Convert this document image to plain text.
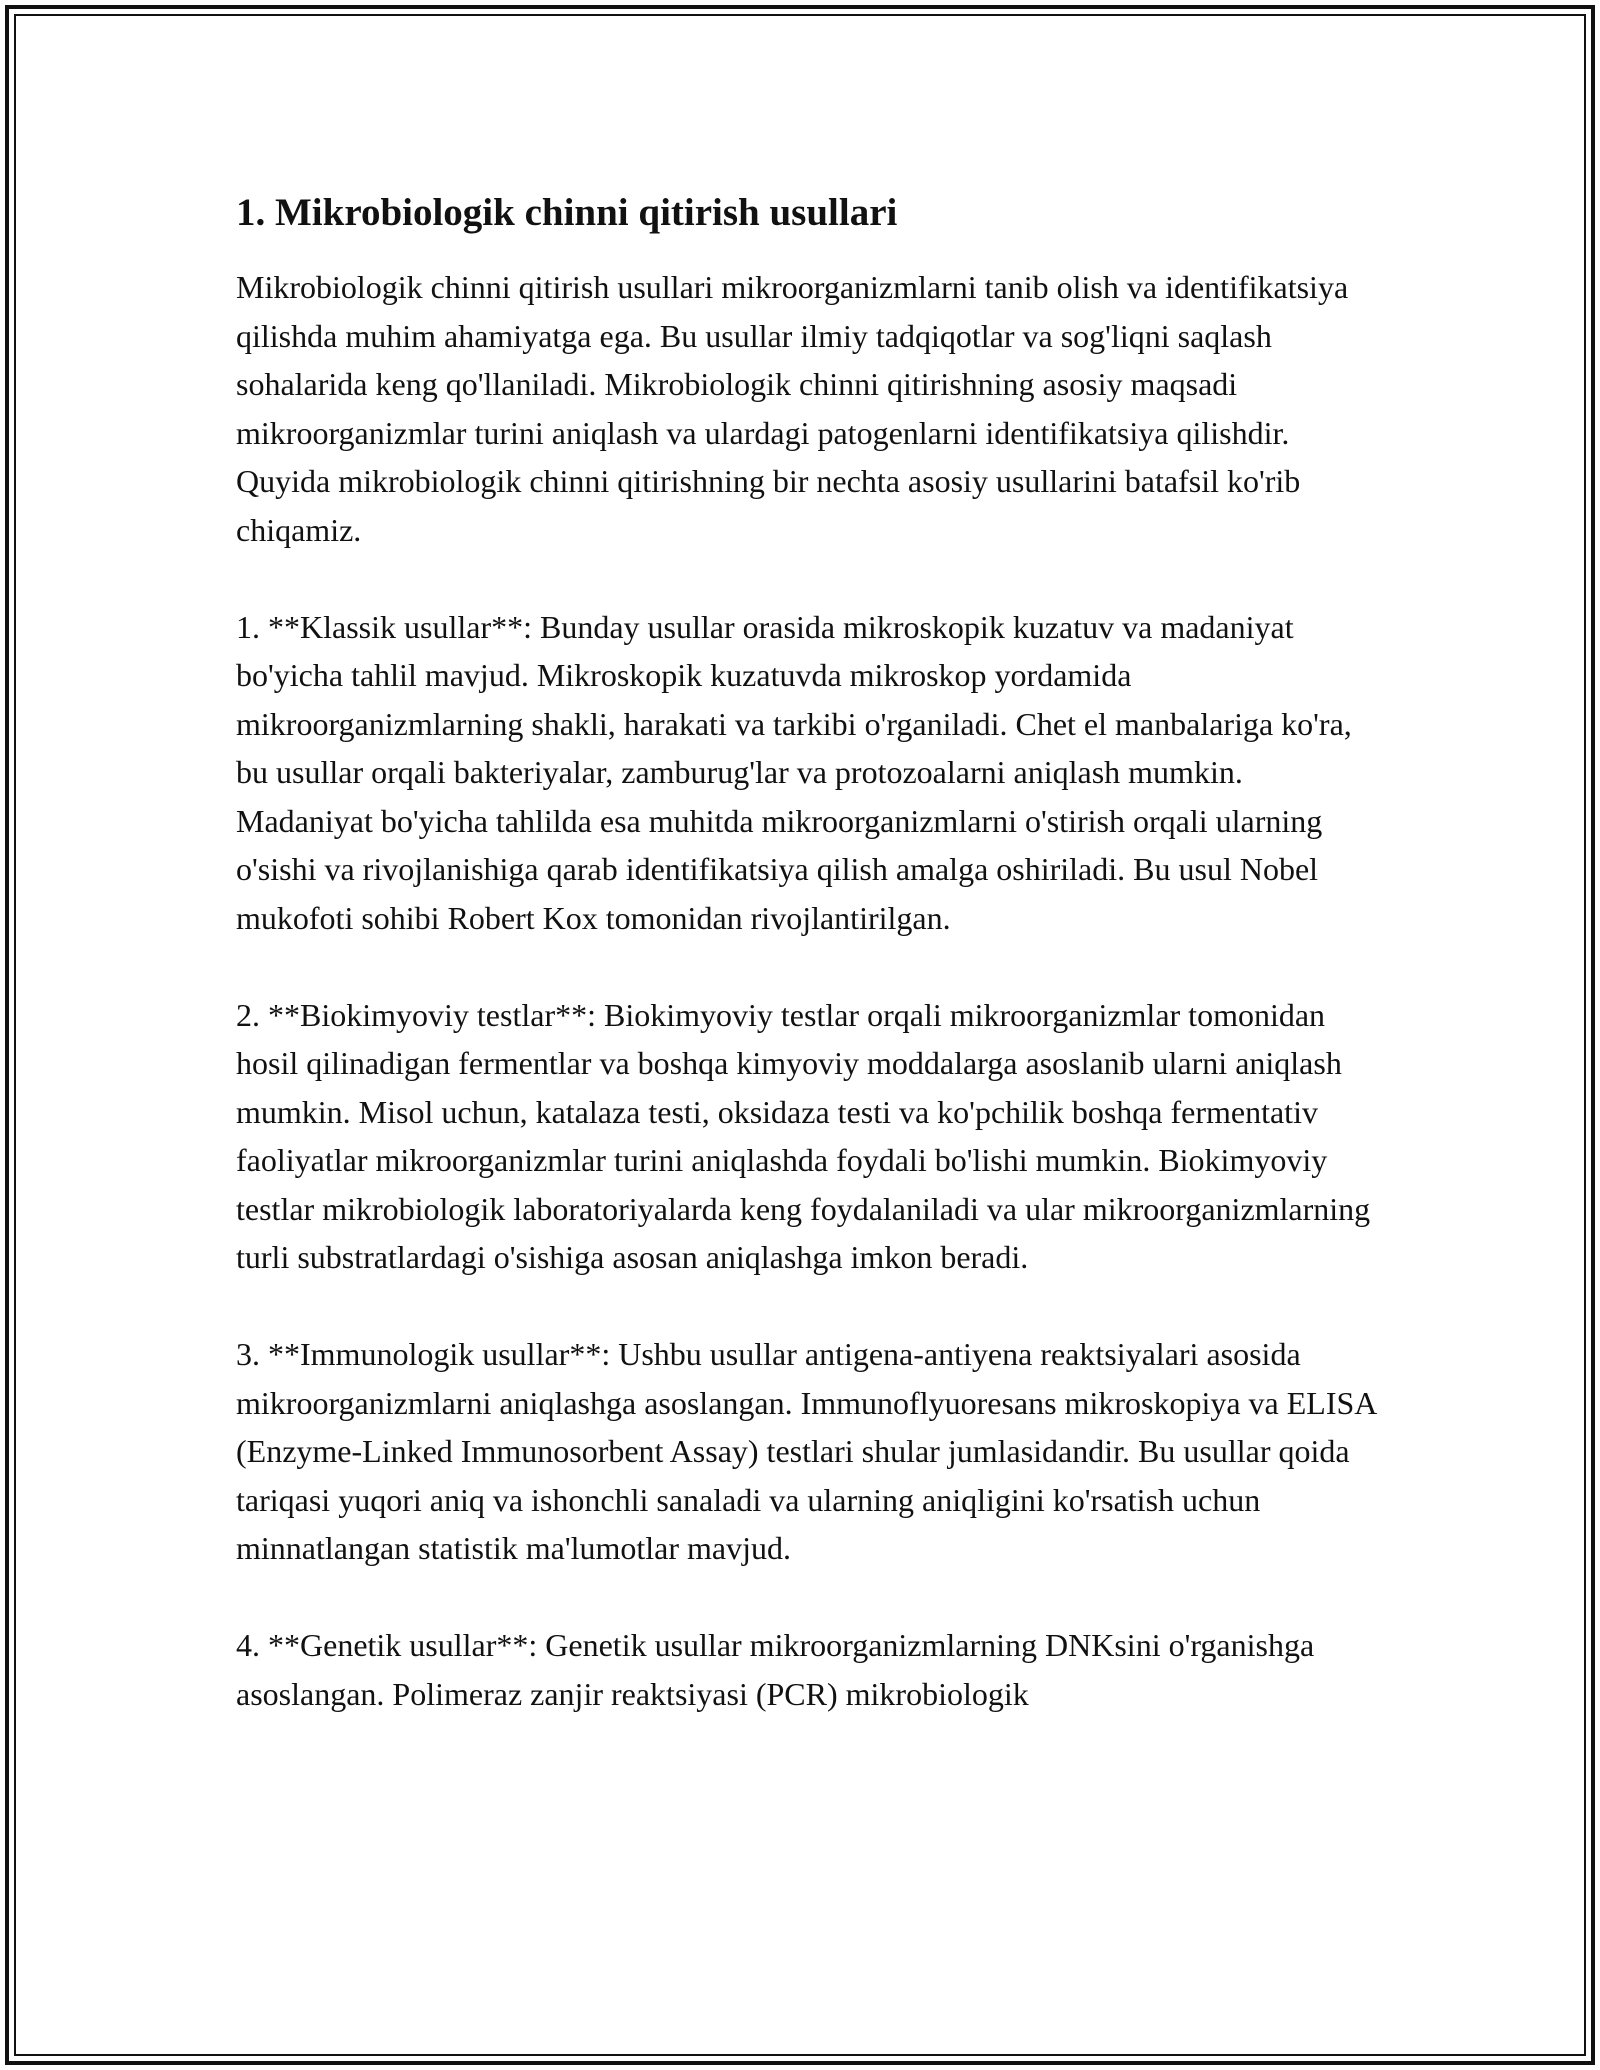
1. Mikrobiologik chinni qitirish usullari

Mikrobiologik chinni qitirish usullari mikroorganizmlarni tanib olish va identifikatsiya qilishda muhim ahamiyatga ega. Bu usullar ilmiy tadqiqotlar va sog'liqni saqlash sohalarida keng qo'llaniladi. Mikrobiologik chinni qitirishning asosiy maqsadi mikroorganizmlar turini aniqlash va ulardagi patogenlarni identifikatsiya qilishdir. Quyida mikrobiologik chinni qitirishning bir nechta asosiy usullarini batafsil ko'rib chiqamiz.

1. **Klassik usullar**: Bunday usullar orasida mikroskopik kuzatuv va madaniyat bo'yicha tahlil mavjud. Mikroskopik kuzatuvda mikroskop yordamida mikroorganizmlarning shakli, harakati va tarkibi o'rganiladi. Chet el manbalariga ko'ra, bu usullar orqali bakteriyalar, zamburug'lar va protozoalarni aniqlash mumkin. Madaniyat bo'yicha tahlilda esa muhitda mikroorganizmlarni o'stirish orqali ularning o'sishi va rivojlanishiga qarab identifikatsiya qilish amalga oshiriladi. Bu usul Nobel mukofoti sohibi Robert Kox tomonidan rivojlantirilgan.

2. **Biokimyoviy testlar**: Biokimyoviy testlar orqali mikroorganizmlar tomonidan hosil qilinadigan fermentlar va boshqa kimyoviy moddalarga asoslanib ularni aniqlash mumkin. Misol uchun, katalaza testi, oksidaza testi va ko'pchilik boshqa fermentativ faoliyatlar mikroorganizmlar turini aniqlashda foydali bo'lishi mumkin. Biokimyoviy testlar mikrobiologik laboratoriyalarda keng foydalaniladi va ular mikroorganizmlarning turli substratlardagi o'sishiga asosan aniqlashga imkon beradi.

3. **Immunologik usullar**: Ushbu usullar antigena-antiyena reaktsiyalari asosida mikroorganizmlarni aniqlashga asoslangan. Immunoflyuoresans mikroskopiya va ELISA (Enzyme-Linked Immunosorbent Assay) testlari shular jumlasidandir. Bu usullar qoida tariqasi yuqori aniq va ishonchli sanaladi va ularning aniqligini ko'rsatish uchun minnatlangan statistik ma'lumotlar mavjud.

4. **Genetik usullar**: Genetik usullar mikroorganizmlarning DNKsini o'rganishga asoslangan. Polimeraz zanjir reaktsiyasi (PCR) mikrobiologik
